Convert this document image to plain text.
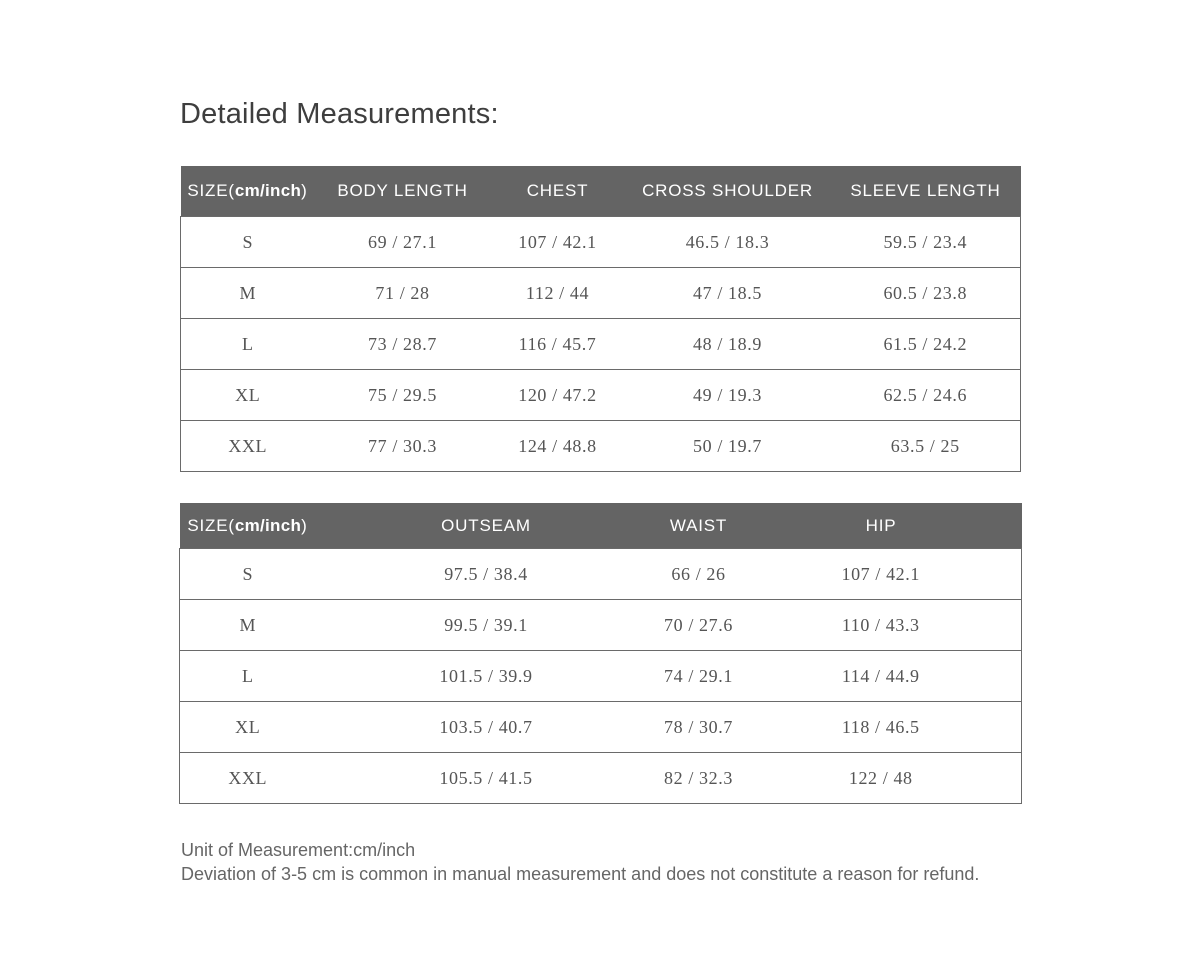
Detailed Measurements:
SIZE(cm/inch)	BODY LENGTH	CHEST	CROSS SHOULDER	SLEEVE LENGTH
S	69 / 27.1	107 / 42.1	46.5 / 18.3	59.5 / 23.4
M	71 / 28	112 / 44	47 / 18.5	60.5 / 23.8
L	73 / 28.7	116 / 45.7	48 / 18.9	61.5 / 24.2
XL	75 / 29.5	120 / 47.2	49 / 19.3	62.5 / 24.6
XXL	77 / 30.3	124 / 48.8	50 / 19.7	63.5 / 25
SIZE(cm/inch)	OUTSEAM	WAIST	HIP
S	97.5 / 38.4	66 / 26	107 / 42.1
M	99.5 / 39.1	70 / 27.6	110 / 43.3
L	101.5 / 39.9	74 / 29.1	114 / 44.9
XL	103.5 / 40.7	78 / 30.7	118 / 46.5
XXL	105.5 / 41.5	82 / 32.3	122 / 48
Unit of Measurement:cm/inch
Deviation of 3-5 cm is common in manual measurement and does not constitute a reason for refund.
